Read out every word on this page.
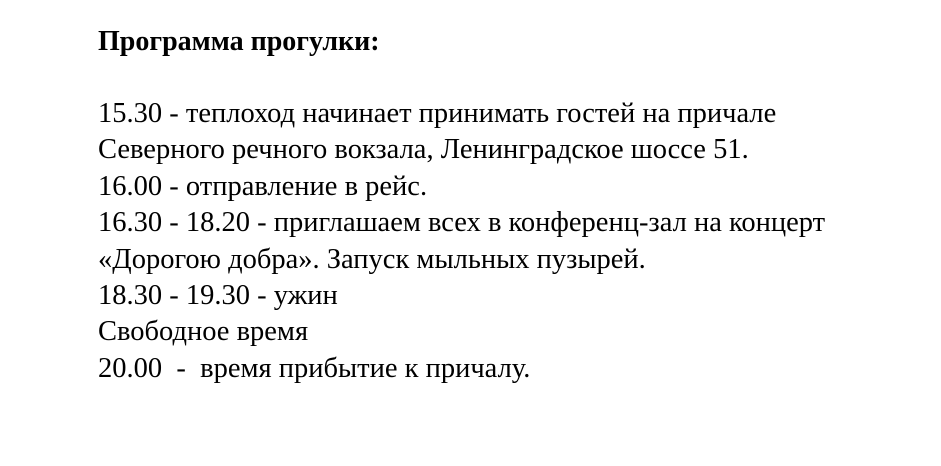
Программа прогулки:
15.30 - теплоход начинает принимать гостей на причале
Северного речного вокзала, Ленинградское шоссе 51.
16.00 - отправление в рейс.
16.30 - 18.20 - приглашаем всех в конференц-зал на концерт
«Дорогою добра». Запуск мыльных пузырей.
18.30 - 19.30 - ужин
Свободное время
20.00  -  время прибытие к причалу.
